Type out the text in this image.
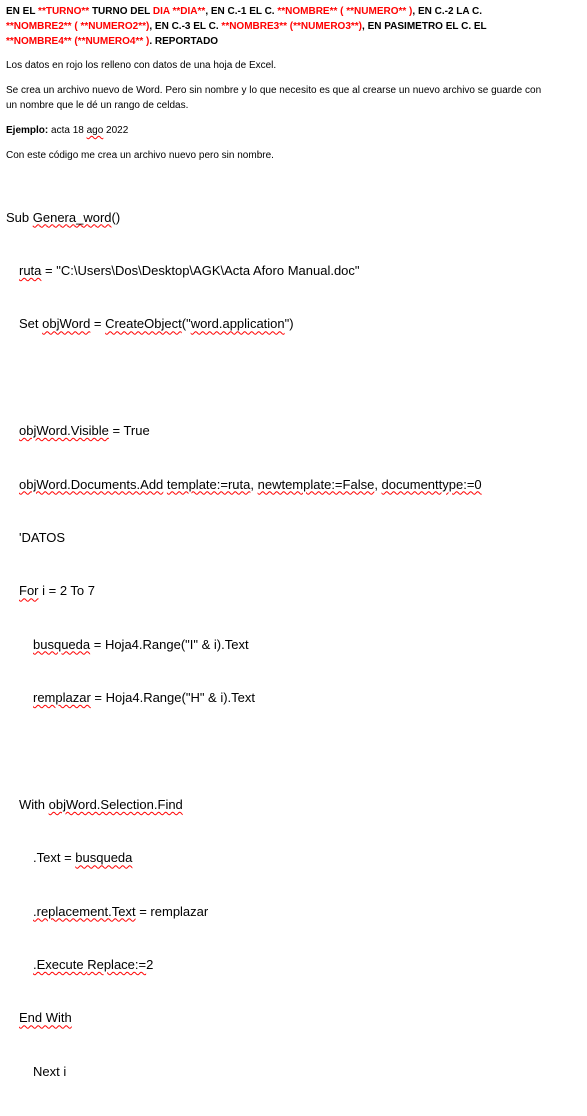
EN EL **TURNO** TURNO DEL DIA **DIA**, EN C.-1 EL C. **NOMBRE** ( **NUMERO** ), EN C.-2 LA C.
**NOMBRE2** ( **NUMERO2**), EN C.-3 EL C. **NOMBRE3** (**NUMERO3**), EN PASIMETRO EL C. EL
**NOMBRE4** (**NUMERO4** ). REPORTADO

Los datos en rojo los relleno con datos de una hoja de Excel.

Se crea un archivo nuevo de Word. Pero sin nombre y lo que necesito es que al crearse un nuevo archivo se guarde con
un nombre que le dé un rango de celdas.

Ejemplo: acta 18 ago 2022

Con este código me crea un archivo nuevo pero sin nombre.

Sub Genera_word()

ruta = "C:\Users\Dos\Desktop\AGK\Acta Aforo Manual.doc"

Set objWord = CreateObject("word.application")

objWord.Visible = True

objWord.Documents.Add template:=ruta, newtemplate:=False, documenttype:=0

'DATOS

For i = 2 To 7

busqueda = Hoja4.Range("I" & i).Text

remplazar = Hoja4.Range("H" & i).Text

With objWord.Selection.Find

.Text = busqueda

.replacement.Text = remplazar

.Execute Replace:=2

End With

Next i
